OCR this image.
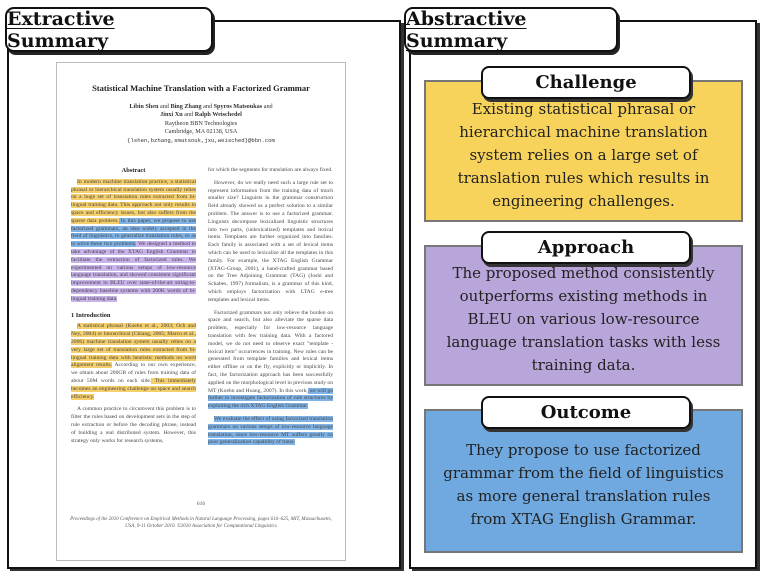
Extractive Summary
Statistical Machine Translation with a Factorized Grammar
Libin Shen and Bing Zhang and Spyros Matsoukas and
Jinxi Xu and Ralph Weischedel
Raytheon BBN Technologies
Cambridge, MA 02138, USA
{lshen,bzhang,smatsouk,jxu,weisched}@bbn.com
Abstract

In modern machine translation practice, a statistical phrasal or hierarchical translation system usually relies on a huge set of translation rules extracted from bi-lingual training data. This approach not only results in space and efficiency issues, but also suffers from the sparse data problem. In this paper, we propose to use factorized grammars, an idea widely accepted in the field of linguistics, to generalize translation rules, so as to solve these two problems. We designed a method to take advantage of the XTAG English Grammar to facilitate the extraction of factorized rules. We experimented on various setups of low-resource language translation, and showed consistent significant improvement in BLEU over state-of-the-art string-to-dependency baseline systems with 200K words of bi-lingual training data.

1 Introduction

A statistical phrasal (Koehn et al., 2003; Och and Ney, 2004) or hierarchical (Chiang, 2005; Marcu et al., 2006) machine translation system usually relies on a very large set of translation rules extracted from bi-lingual training data with heuristic methods on word alignment results. According to our own experience, we obtain about 200GB of rules from training data of about 50M words on each side. This immediately becomes an engineering challenge on space and search efficiency.

A common practice to circumvent this problem is to filter the rules based on development sets in the step of rule extraction or before the decoding phrase, instead of building a real distributed system. However, this strategy only works for research systems,

for which the segments for translation are always fixed.

However, do we really need such a large rule set to represent information from the training data of much smaller size? Linguists in the grammar construction field already showed us a perfect solution to a similar problem. The answer is to use a factorized grammar. Linguists decompose lexicalized linguistic structures into two parts, (unlexicalized) templates and lexical items. Templates are further organized into families. Each family is associated with a set of lexical items which can be used to lexicalize all the templates in this family. For example, the XTAG English Grammar (XTAG-Group, 2001), a hand-crafted grammar based on the Tree Adjoining Grammar (TAG) (Joshi and Schabes, 1997) formalism, is a grammar of this kind, which employs factorization with LTAG e-tree templates and lexical items.

Factorized grammars not only relieve the burden on space and search, but also alleviate the sparse data problem, especially for low-resource language translation with few training data. With a factored model, we do not need to observe exact "template - lexical item" occurrences in training. New rules can be generated from template families and lexical items either offline or on the fly, explicitly or implicitly. In fact, the factorization approach has been successfully applied on the morphological level in previous study on MT (Koehn and Hoang, 2007). In this work, we will go further to investigate factorization of rule structures by exploiting the rich XTAG English Grammar.

We evaluate the effect of using factorized translation grammars on various setups of low-resource language translation, since low-resource MT suffers greatly on poor generalization capability of trans-

616
Proceedings of the 2010 Conference on Empirical Methods in Natural Language Processing, pages 616–625, MIT, Massachusetts, USA, 9-11 October 2010. ©2010 Association for Computational Linguistics
Abstractive Summary
Existing statistical phrasal or hierarchical machine translation system relies on a large set of translation rules which results in engineering challenges.
Challenge
The proposed method consistently outperforms existing methods in BLEU on various low-resource language translation tasks with less training data.
Approach
They propose to use factorized grammar from the field of linguistics as more general translation rules from XTAG English Grammar.
Outcome
